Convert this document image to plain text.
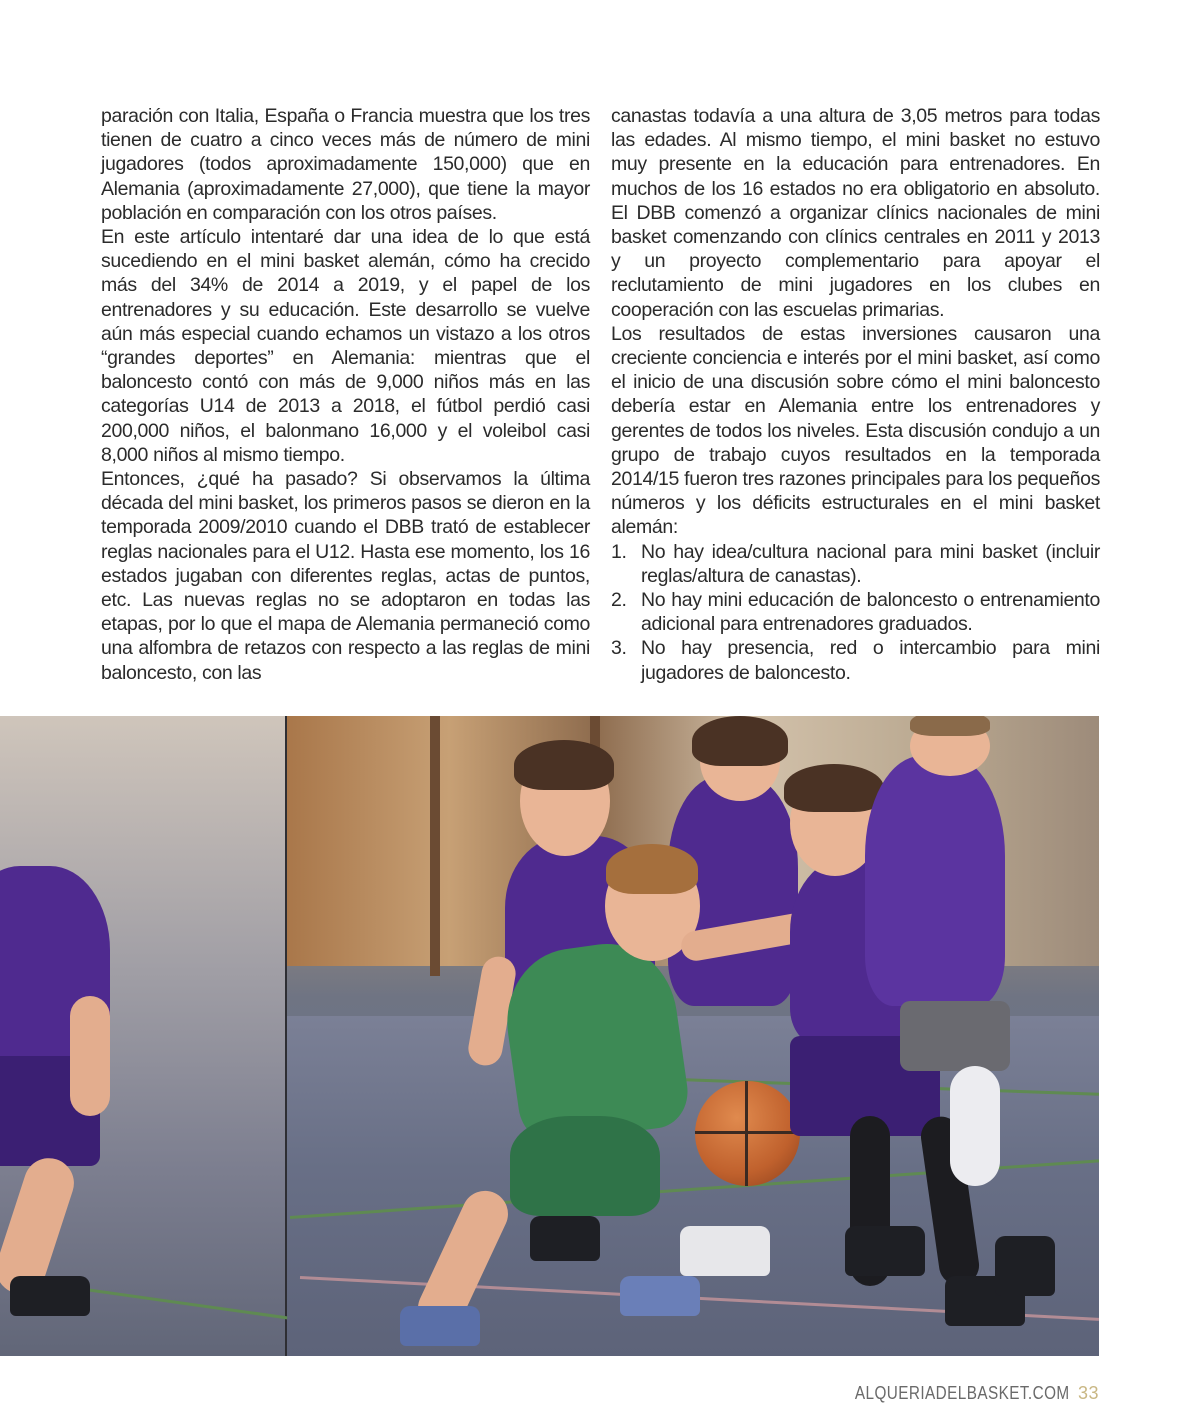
paración con Italia, España o Francia muestra que los tres tienen de cuatro a cinco veces más de número de mini jugadores (todos aproximadamente 150,000) que en Alemania (aproximadamente 27,000), que tiene la mayor población en comparación con los otros países.

En este artículo intentaré dar una idea de lo que está sucediendo en el mini basket alemán, cómo ha crecido más del 34% de 2014 a 2019, y el papel de los entrenadores y su educación. Este desarrollo se vuelve aún más especial cuando echamos un vistazo a los otros “grandes deportes” en Alemania: mientras que el baloncesto contó con más de 9,000 niños más en las categorías U14 de 2013 a 2018, el fútbol perdió casi 200,000 niños, el balonmano 16,000 y el voleibol casi 8,000 niños al mismo tiempo.

Entonces, ¿qué ha pasado? Si observamos la última década del mini basket, los primeros pasos se dieron en la temporada 2009/2010 cuando el DBB trató de establecer reglas nacionales para el U12. Hasta ese momento, los 16 estados jugaban con diferentes reglas, actas de puntos, etc. Las nuevas reglas no se adoptaron en todas las etapas, por lo que el mapa de Alemania permaneció como una alfombra de retazos con respecto a las reglas de mini baloncesto, con las

canastas todavía a una altura de 3,05 metros para todas las edades. Al mismo tiempo, el mini basket no estuvo muy presente en la educación para entrenadores. En muchos de los 16 estados no era obligatorio en absoluto. El DBB comenzó a organizar clínics nacionales de mini basket comenzando con clínics centrales en 2011 y 2013 y un proyecto complementario para apoyar el reclutamiento de mini jugadores en los clubes en cooperación con las escuelas primarias.

Los resultados de estas inversiones causaron una creciente conciencia e interés por el mini basket, así como el inicio de una discusión sobre cómo el mini baloncesto debería estar en Alemania entre los entrenadores y gerentes de todos los niveles. Esta discusión condujo a un grupo de trabajo cuyos resultados en la temporada 2014/15 fueron tres razones principales para los pequeños números y los déficits estructurales en el mini basket alemán:

1. No hay idea/cultura nacional para mini basket (incluir reglas/altura de canastas).
2. No hay mini educación de baloncesto o entrenamiento adicional para entrenadores graduados.
3. No hay presencia, red o intercambio para mini jugadores de baloncesto.
ALQUERIADELBASKET.COM 33
